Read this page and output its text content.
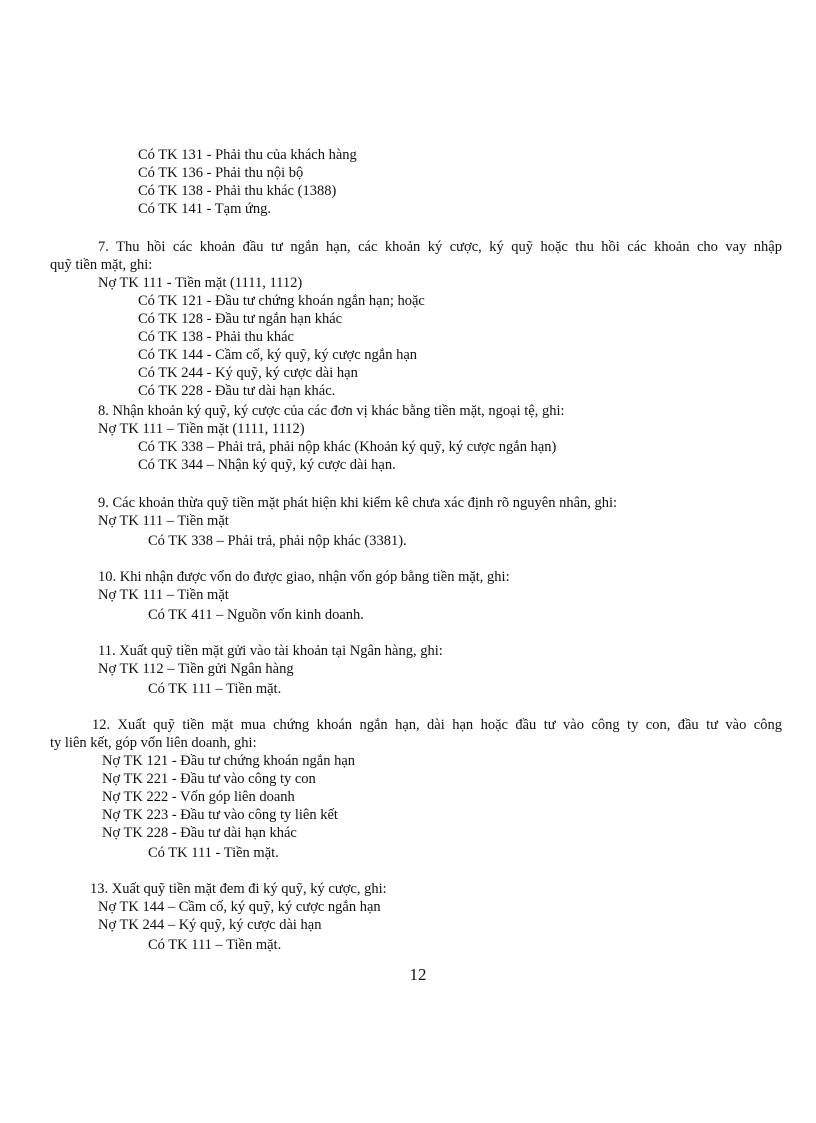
Có TK 131 - Phải thu của khách hàng
Có TK 136 - Phải thu nội bộ
Có TK 138 - Phải thu khác (1388)
Có TK 141 - Tạm ứng.
7. Thu hồi các khoản đầu tư ngắn hạn, các khoản ký cược, ký quỹ hoặc thu hồi các khoản cho vay nhập
quỹ tiền mặt, ghi:
Nợ TK 111 - Tiền mặt (1111, 1112)
Có TK 121 - Đầu tư chứng khoán ngắn hạn; hoặc
Có TK 128 - Đầu tư ngắn hạn khác
Có TK 138 - Phải thu khác
Có TK 144 - Cầm cố, ký quỹ, ký cược ngắn hạn
Có TK 244 - Ký quỹ, ký cược dài hạn
Có TK 228 - Đầu tư dài hạn khác.
8. Nhận khoản ký quỹ, ký cược của các đơn vị khác bằng tiền mặt, ngoại tệ, ghi:
Nợ TK 111 – Tiền mặt (1111, 1112)
Có TK 338 – Phải trả, phải nộp khác (Khoản ký quỹ, ký cược ngắn hạn)
Có TK 344 – Nhận ký quỹ, ký cược dài hạn.
9. Các khoản thừa quỹ tiền mặt phát hiện khi kiểm kê chưa xác định rõ nguyên nhân, ghi:
Nợ TK 111 – Tiền mặt
Có TK 338 – Phải trả, phải nộp khác (3381).
10. Khi nhận được vốn do được giao, nhận vốn góp bằng tiền mặt, ghi:
Nợ TK 111 – Tiền mặt
Có TK 411 – Nguồn vốn kinh doanh.
11. Xuất quỹ tiền mặt gửi vào tài khoản tại Ngân hàng, ghi:
Nợ TK 112 – Tiền gửi Ngân hàng
Có TK 111 – Tiền mặt.
12. Xuất quỹ tiền mặt mua chứng khoán ngắn hạn, dài hạn hoặc đầu tư vào công ty con, đầu tư vào công
ty liên kết, góp vốn liên doanh, ghi:
Nợ TK 121 - Đầu tư chứng khoán ngắn hạn
Nợ TK 221 - Đầu tư vào công ty con
Nợ TK 222 - Vốn góp liên doanh
Nợ TK 223 - Đầu tư vào công ty liên kết
Nợ TK 228 - Đầu tư dài hạn khác
Có TK 111 - Tiền mặt.
13. Xuất quỹ tiền mặt đem đi ký quỹ, ký cược, ghi:
Nợ TK 144 – Cầm cố, ký quỹ, ký cược ngắn hạn
Nợ TK 244 – Ký quỹ, ký cược dài hạn
Có TK 111 – Tiền mặt.
12
